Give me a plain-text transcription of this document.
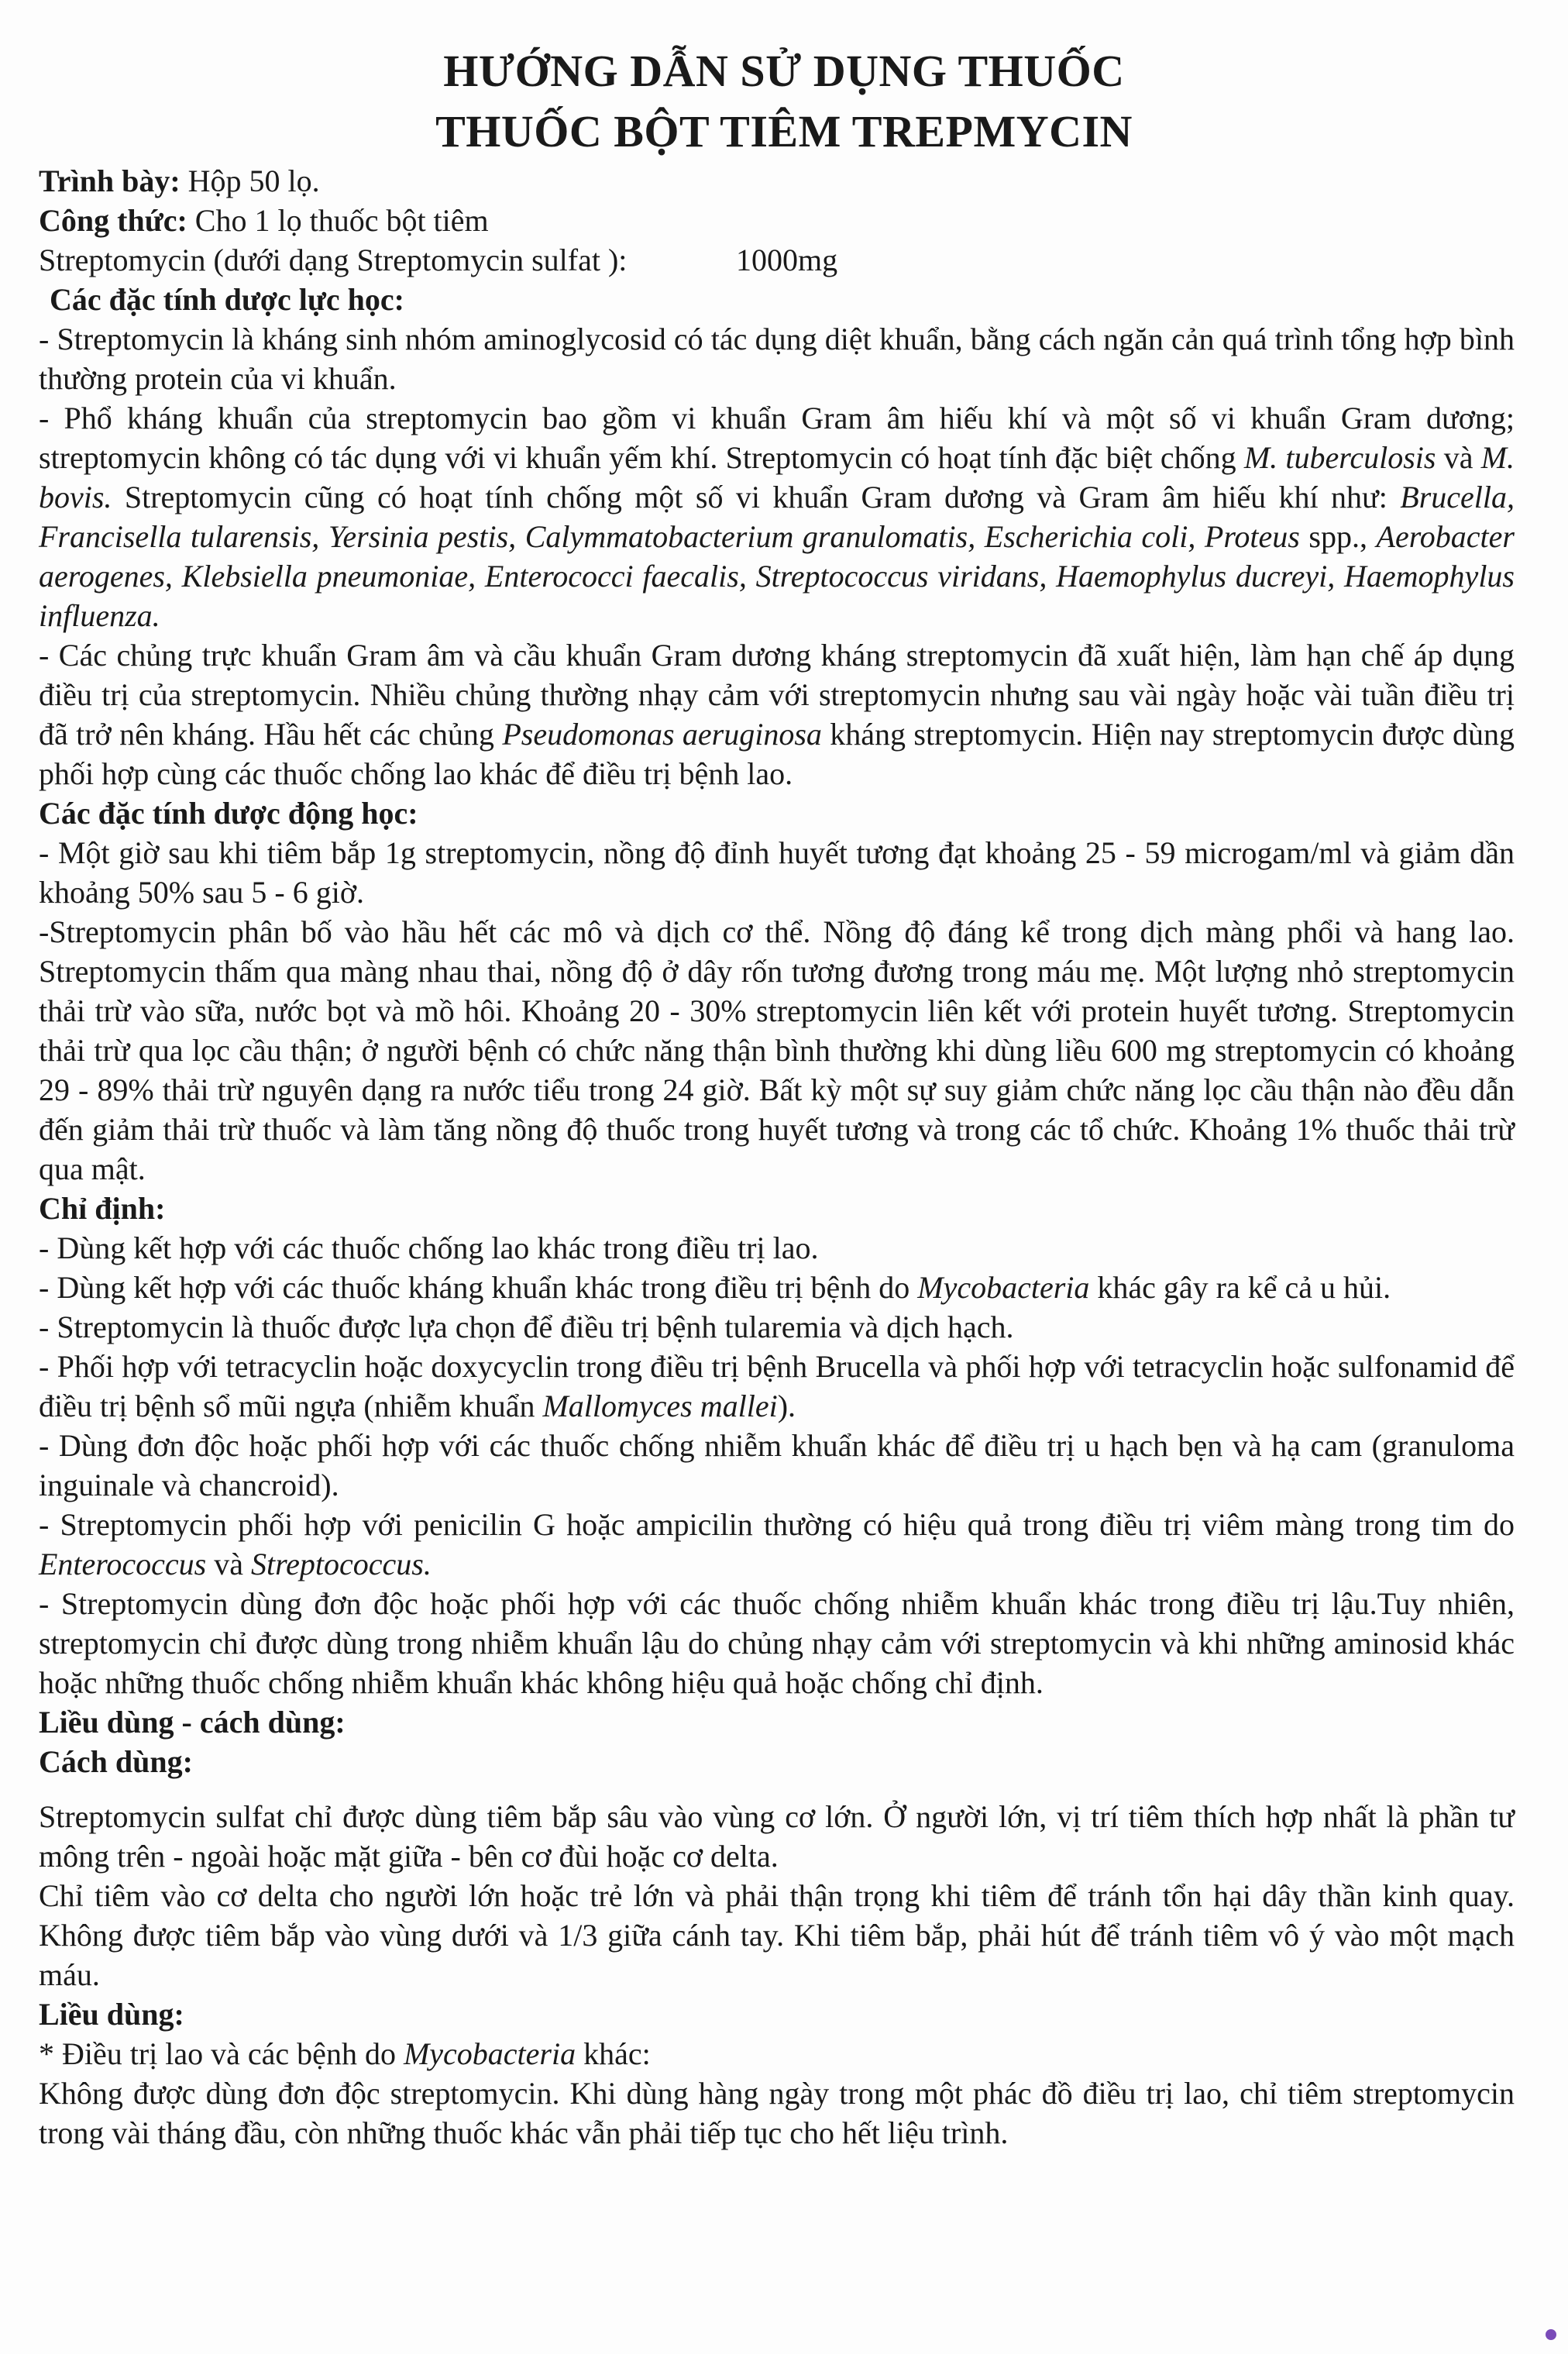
HƯỚNG DẪN SỬ DỤNG THUỐC
THUỐC BỘT TIÊM TREPMYCIN

Trình bày: Hộp 50 lọ.

Công thức: Cho 1 lọ thuốc bột tiêm

Streptomycin (dưới dạng Streptomycin sulfat ):	1000mg

Các đặc tính dược lực học:

- Streptomycin là kháng sinh nhóm aminoglycosid có tác dụng diệt khuẩn, bằng cách ngăn cản quá trình tổng hợp bình thường protein của vi khuẩn.

- Phổ kháng khuẩn của streptomycin bao gồm vi khuẩn Gram âm hiếu khí và một số vi khuẩn Gram dương; streptomycin không có tác dụng với vi khuẩn yếm khí. Streptomycin có hoạt tính đặc biệt chống M. tuberculosis và M. bovis. Streptomycin cũng có hoạt tính chống một số vi khuẩn Gram dương và Gram âm hiếu khí như: Brucella, Francisella tularensis, Yersinia pestis, Calymmatobacterium granulomatis, Escherichia coli, Proteus spp., Aerobacter aerogenes, Klebsiella pneumoniae, Enterococci faecalis, Streptococcus viridans, Haemophylus ducreyi, Haemophylus influenza.

- Các chủng trực khuẩn Gram âm và cầu khuẩn Gram dương kháng streptomycin đã xuất hiện, làm hạn chế áp dụng điều trị của streptomycin. Nhiều chủng thường nhạy cảm với streptomycin nhưng sau vài ngày hoặc vài tuần điều trị đã trở nên kháng. Hầu hết các chủng Pseudomonas aeruginosa kháng streptomycin. Hiện nay streptomycin được dùng phối hợp cùng các thuốc chống lao khác để điều trị bệnh lao.

Các đặc tính dược động học:

- Một giờ sau khi tiêm bắp 1g streptomycin, nồng độ đỉnh huyết tương đạt khoảng 25 - 59 microgam/ml và giảm dần khoảng 50% sau 5 - 6 giờ.

-Streptomycin phân bố vào hầu hết các mô và dịch cơ thể. Nồng độ đáng kể trong dịch màng phổi và hang lao. Streptomycin thấm qua màng nhau thai, nồng độ ở dây rốn tương đương trong máu mẹ. Một lượng nhỏ streptomycin thải trừ vào sữa, nước bọt và mồ hôi. Khoảng 20 - 30% streptomycin liên kết với protein huyết tương. Streptomycin thải trừ qua lọc cầu thận; ở người bệnh có chức năng thận bình thường khi dùng liều 600 mg streptomycin có khoảng 29 - 89% thải trừ nguyên dạng ra nước tiểu trong 24 giờ. Bất kỳ một sự suy giảm chức năng lọc cầu thận nào đều dẫn đến giảm thải trừ thuốc và làm tăng nồng độ thuốc trong huyết tương và trong các tổ chức. Khoảng 1% thuốc thải trừ qua mật.

Chỉ định:

- Dùng kết hợp với các thuốc chống lao khác trong điều trị lao.

- Dùng kết hợp với các thuốc kháng khuẩn khác trong điều trị bệnh do Mycobacteria khác gây ra kể cả u hủi.

- Streptomycin là thuốc được lựa chọn để điều trị bệnh tularemia và dịch hạch.

- Phối hợp với tetracyclin hoặc doxycyclin trong điều trị bệnh Brucella và phối hợp với tetracyclin hoặc sulfonamid để điều trị bệnh sổ mũi ngựa (nhiễm khuẩn Mallomyces mallei).

- Dùng đơn độc hoặc phối hợp với các thuốc chống nhiễm khuẩn khác để điều trị u hạch bẹn và hạ cam (granuloma inguinale và chancroid).

- Streptomycin phối hợp với penicilin G hoặc ampicilin thường có hiệu quả trong điều trị viêm màng trong tim do Enterococcus và Streptococcus.

- Streptomycin dùng đơn độc hoặc phối hợp với các thuốc chống nhiễm khuẩn khác trong điều trị lậu.Tuy nhiên, streptomycin chỉ được dùng trong nhiễm khuẩn lậu do chủng nhạy cảm với streptomycin và khi những aminosid khác hoặc những thuốc chống nhiễm khuẩn khác không hiệu quả hoặc chống chỉ định.

Liều dùng - cách dùng:

Cách dùng:

Streptomycin sulfat chỉ được dùng tiêm bắp sâu vào vùng cơ lớn. Ở người lớn, vị trí tiêm thích hợp nhất là phần tư mông trên - ngoài hoặc mặt giữa - bên cơ đùi hoặc cơ delta.

Chỉ tiêm vào cơ delta cho người lớn hoặc trẻ lớn và phải thận trọng khi tiêm để tránh tổn hại dây thần kinh quay. Không được tiêm bắp vào vùng dưới và 1/3 giữa cánh tay. Khi tiêm bắp, phải hút để tránh tiêm vô ý vào một mạch máu.

Liều dùng:

* Điều trị lao và các bệnh do Mycobacteria khác:

Không được dùng đơn độc streptomycin. Khi dùng hàng ngày trong một phác đồ điều trị lao, chỉ tiêm streptomycin trong vài tháng đầu, còn những thuốc khác vẫn phải tiếp tục cho hết liệu trình.
